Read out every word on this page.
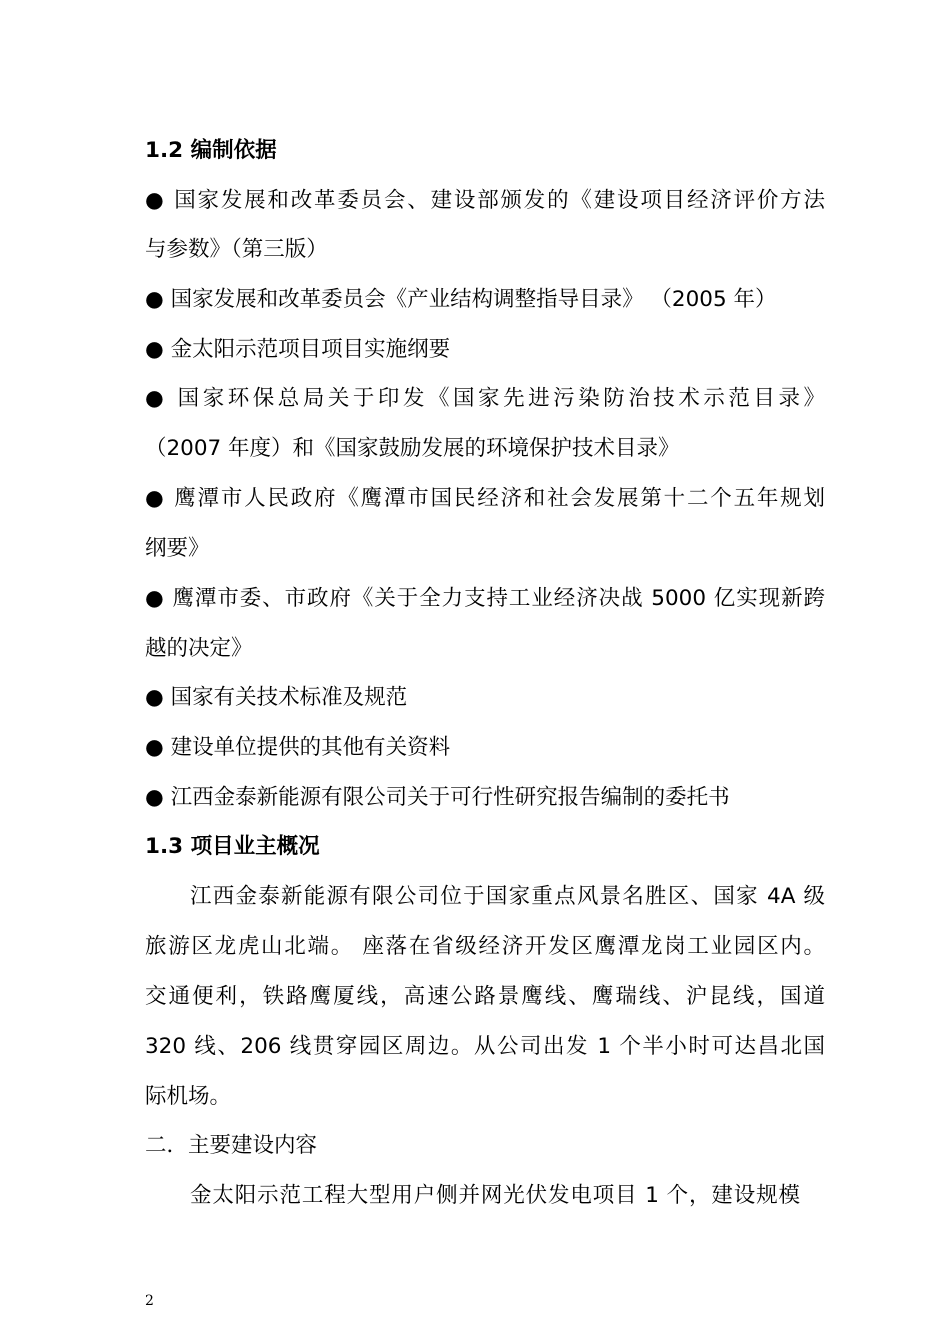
1.2 编制依据
● 国家发展和改革委员会、建设部颁发的《建设项目经济评价方法
与参数》（第三版）
● 国家发展和改革委员会《产业结构调整指导目录》 （2005 年）
● 金太阳示范项目项目实施纲要
● 国家环保总局关于印发《国家先进污染防治技术示范目录》
（2007 年度）和《国家鼓励发展的环境保护技术目录》
● 鹰潭市人民政府《鹰潭市国民经济和社会发展第十二个五年规划
纲要》
● 鹰潭市委、市政府《关于全力支持工业经济决战 5000 亿实现新跨
越的决定》
● 国家有关技术标准及规范
● 建设单位提供的其他有关资料
● 江西金泰新能源有限公司关于可行性研究报告编制的委托书
1.3 项目业主概况
江西金泰新能源有限公司位于国家重点风景名胜区、国家 4A 级
旅游区龙虎山北端。 座落在省级经济开发区鹰潭龙岗工业园区内。
交通便利，铁路鹰厦线，高速公路景鹰线、鹰瑞线、沪昆线，国道
320 线、206 线贯穿园区周边。从公司出发 1 个半小时可达昌北国
际机场。
二．主要建设内容
金太阳示范工程大型用户侧并网光伏发电项目 1 个，建设规模
2
